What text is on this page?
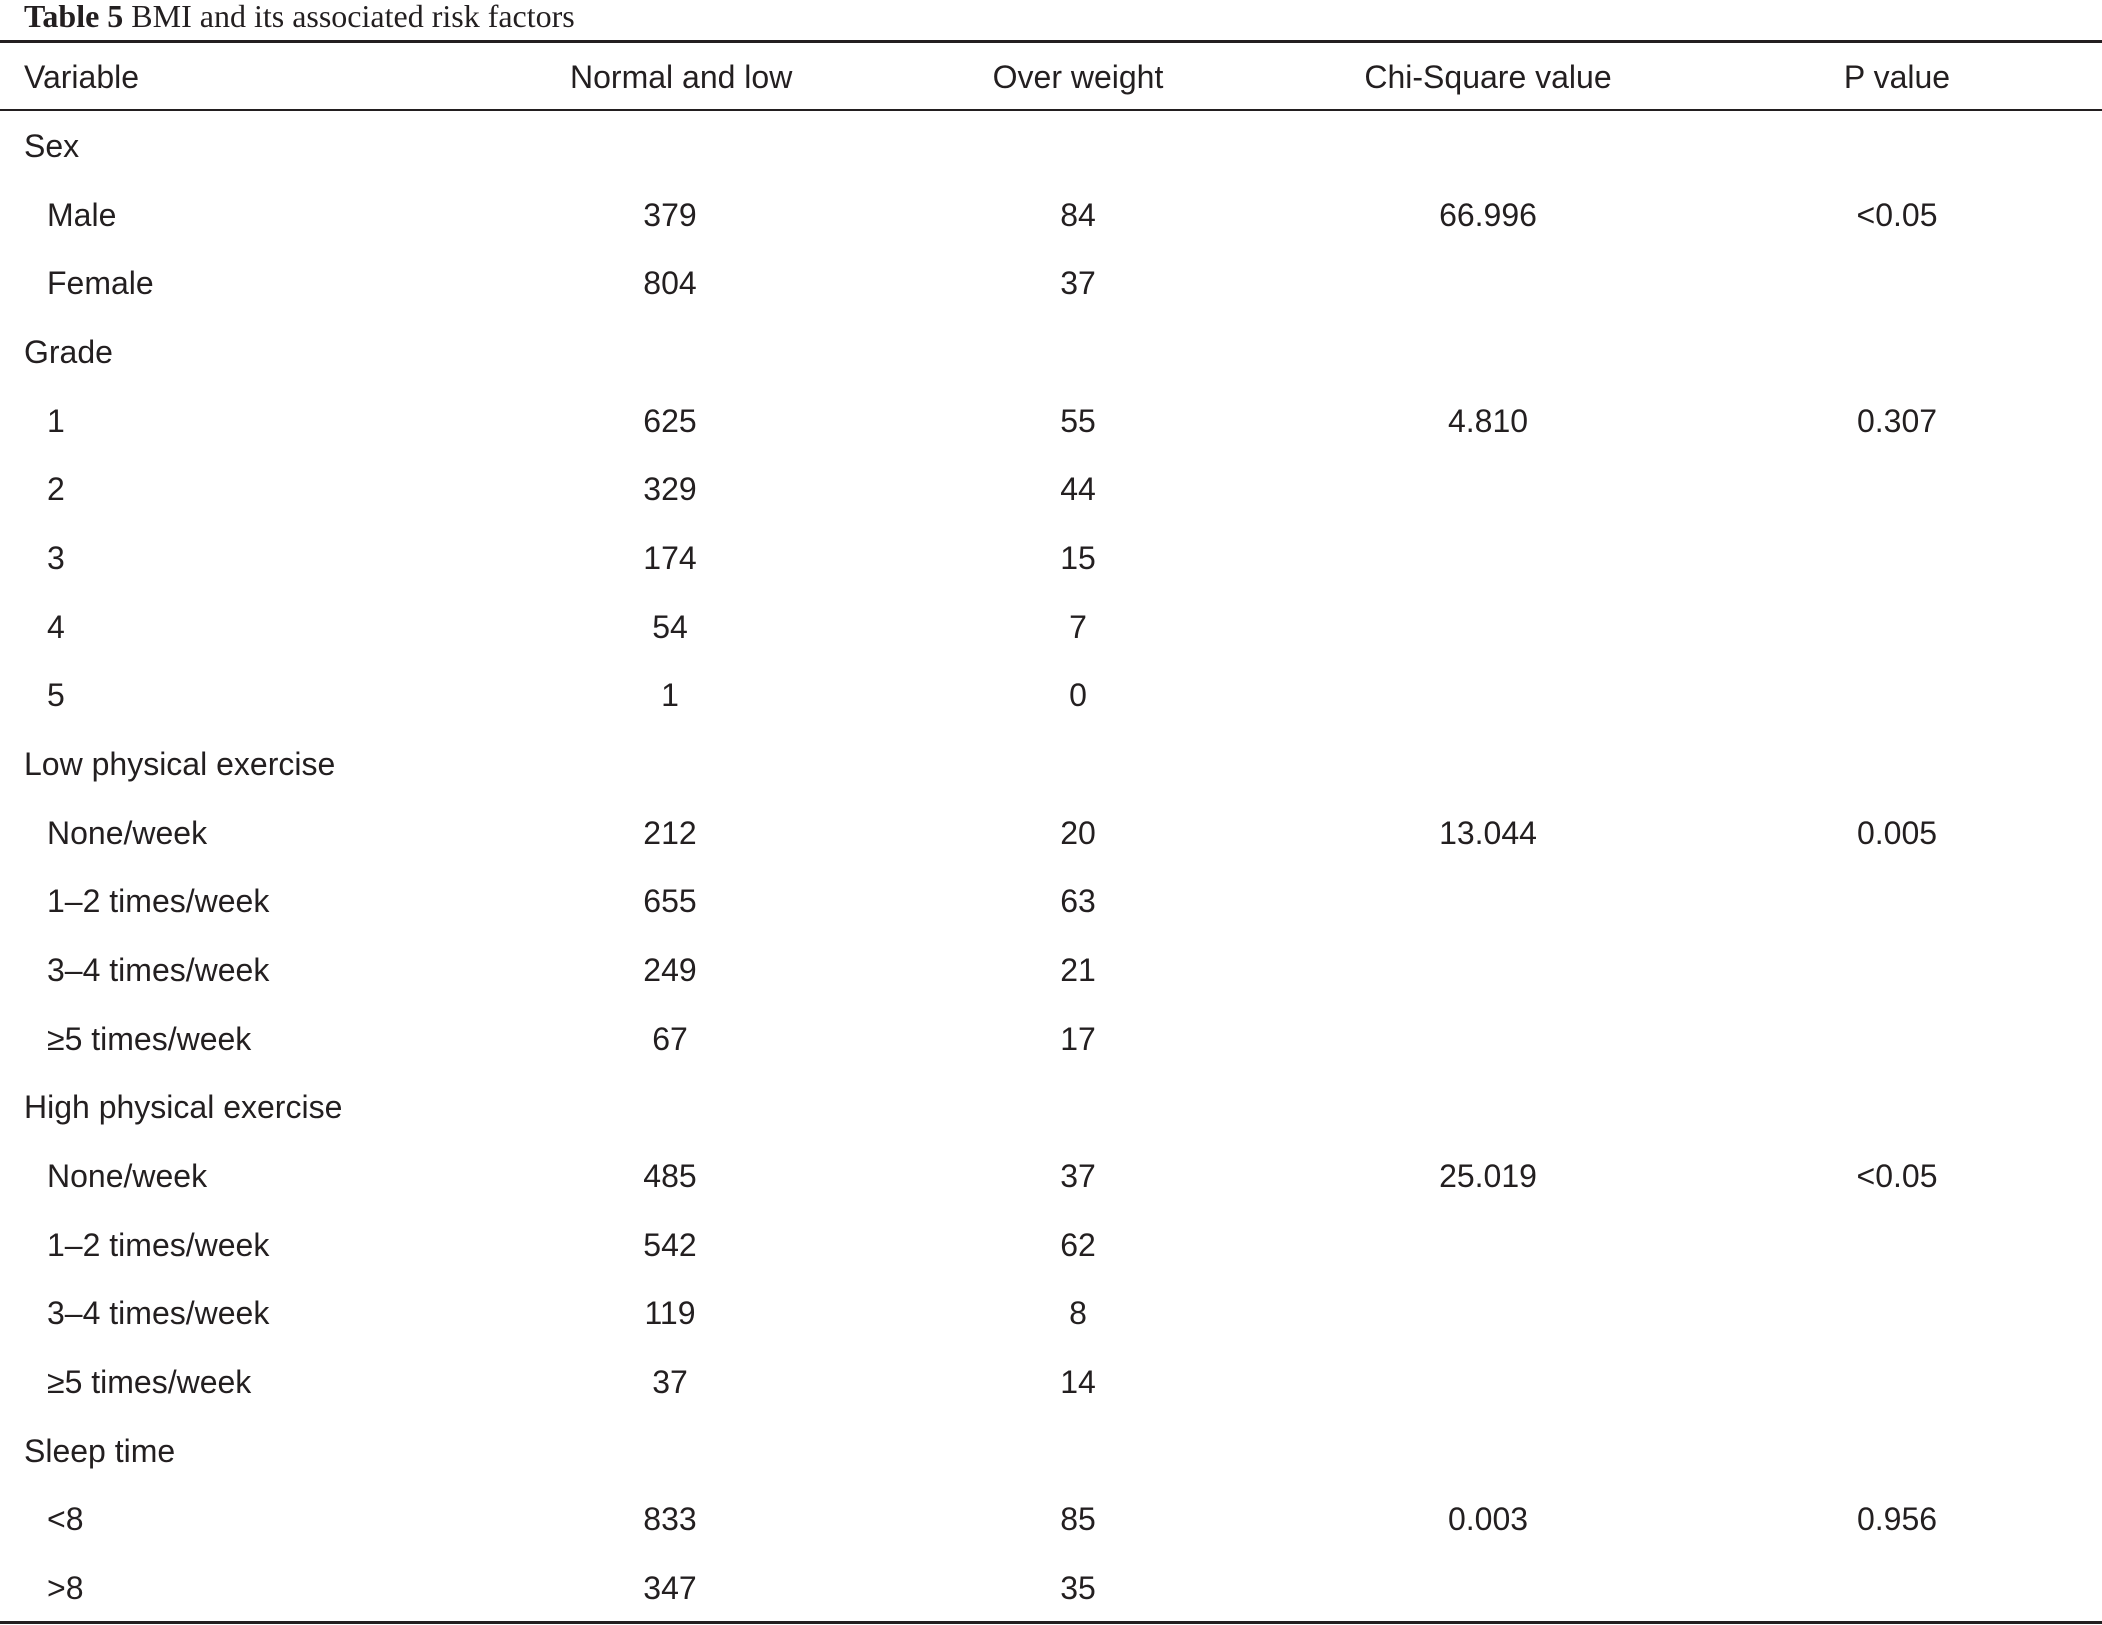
Table 5 BMI and its associated risk factors
Variable	Normal and low	Over weight	Chi-Square value	P value
Sex
Male	379	84	66.996	<0.05
Female	804	37
Grade
1	625	55	4.810	0.307
2	329	44
3	174	15
4	54	7
5	1	0
Low physical exercise
None/week	212	20	13.044	0.005
1–2 times/week	655	63
3–4 times/week	249	21
≥5 times/week	67	17
High physical exercise
None/week	485	37	25.019	<0.05
1–2 times/week	542	62
3–4 times/week	119	8
≥5 times/week	37	14
Sleep time
<8	833	85	0.003	0.956
>8	347	35
